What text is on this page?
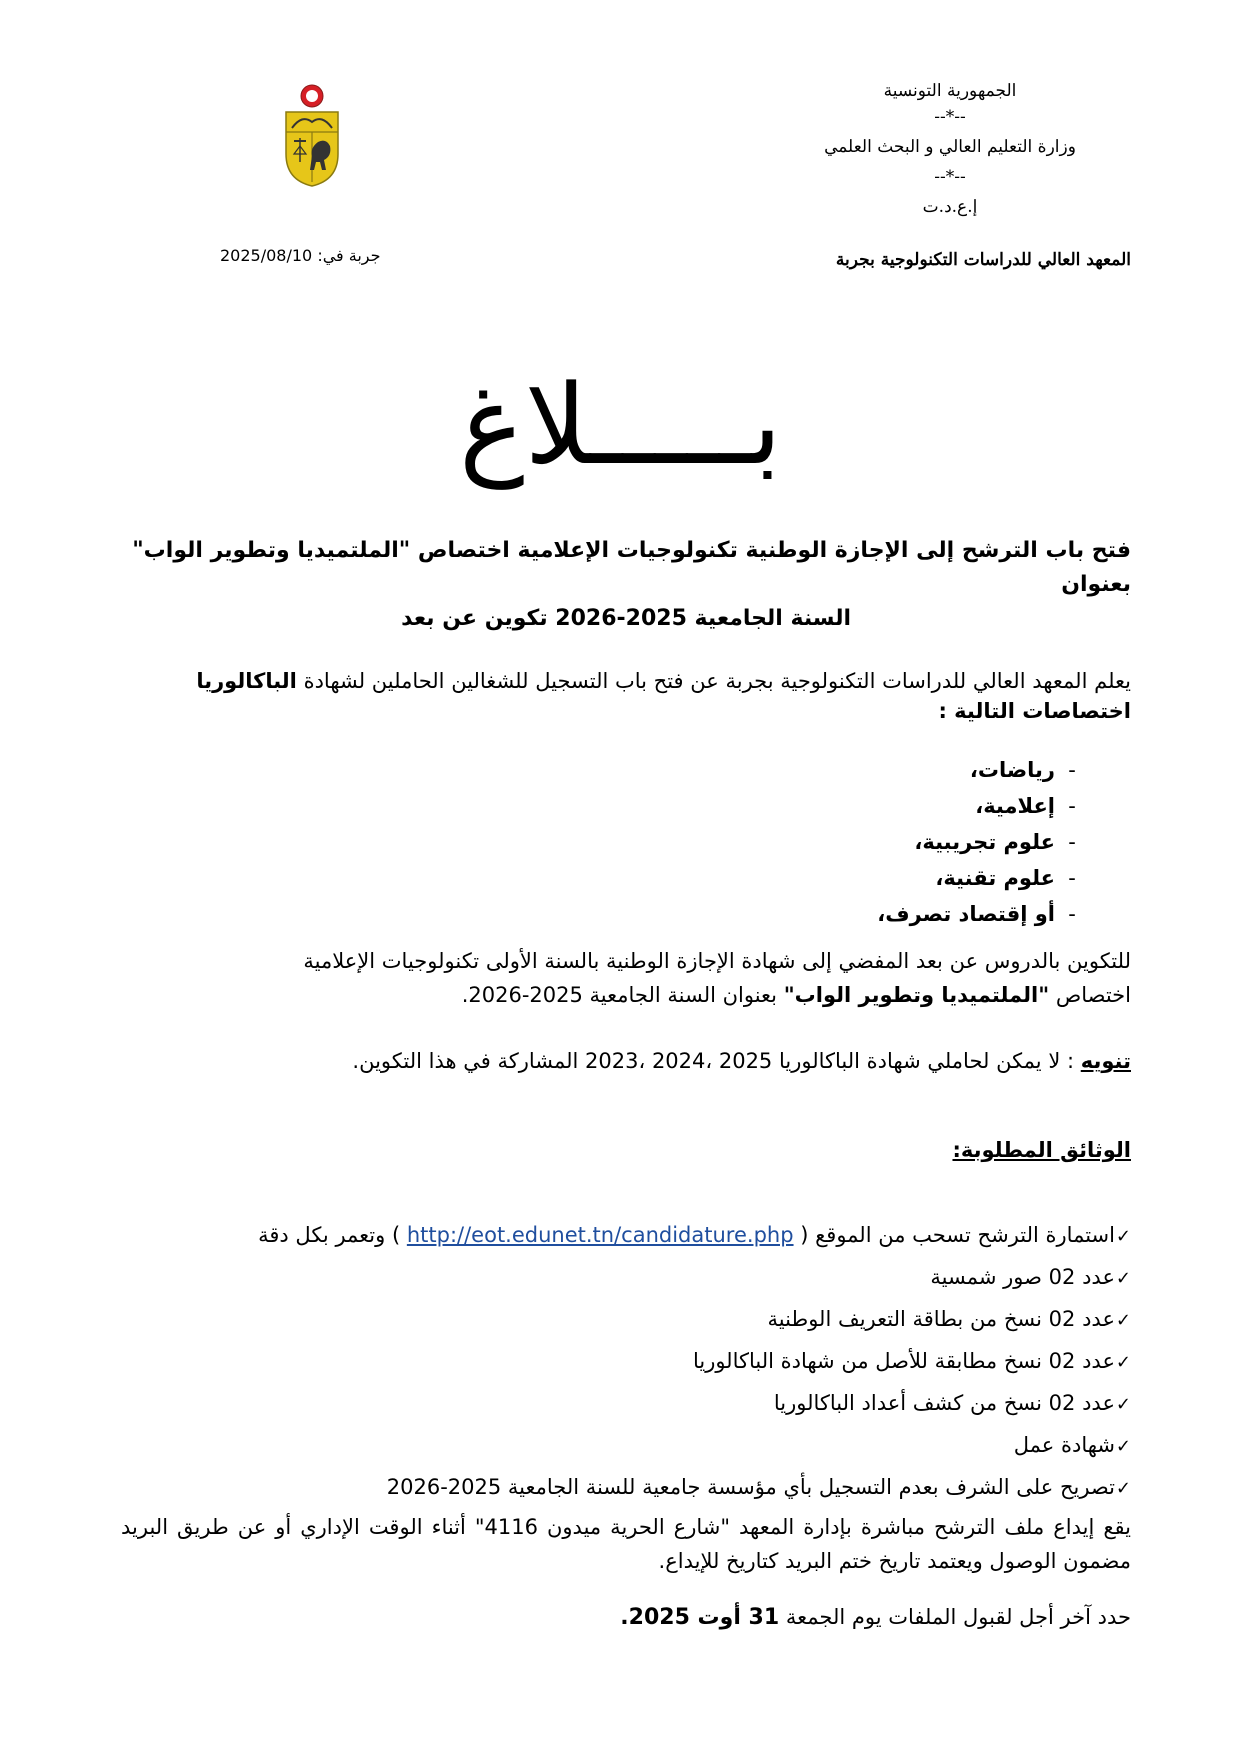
الجمهورية التونسية
--*--
وزارة التعليم العالي و البحث العلمي
--*--
إ.ع.د.ت
المعهد العالي للدراسات التكنولوجية بجربة
جربة في: 2025/08/10
بـــــلاغ
فتح باب الترشح إلى الإجازة الوطنية تكنولوجيات الإعلامية اختصاص "الملتميديا وتطوير الواب" بعنوان
السنة الجامعية 2025-2026 تكوين عن بعد
يعلم المعهد العالي للدراسات التكنولوجية بجربة عن فتح باب التسجيل للشغالين الحاملين لشهادة الباكالوريا
اختصاصات التالية :
- رياضات،
- إعلامية،
- علوم تجريبية،
- علوم تقنية،
- أو إقتصاد تصرف،
للتكوين بالدروس عن بعد المفضي إلى شهادة الإجازة الوطنية بالسنة الأولى تكنولوجيات الإعلامية
اختصاص "الملتميديا وتطوير الواب" بعنوان السنة الجامعية 2025-2026.
تنويه : لا يمكن لحاملي شهادة الباكالوريا 2025 ،2024 ،2023 المشاركة في هذا التكوين.
الوثائق المطلوبة:
✓استمارة الترشح تسحب من الموقع ( http://eot.edunet.tn/candidature.php ) وتعمر بكل دقة
✓عدد 02 صور شمسية
✓عدد 02 نسخ من بطاقة التعريف الوطنية
✓عدد 02 نسخ مطابقة للأصل من شهادة الباكالوريا
✓عدد 02 نسخ من كشف أعداد الباكالوريا
✓شهادة عمل
✓تصريح على الشرف بعدم التسجيل بأي مؤسسة جامعية للسنة الجامعية 2025-2026
يقع إيداع ملف الترشح مباشرة بإدارة المعهد "شارع الحرية ميدون 4116" أثناء الوقت الإداري أو عن طريق البريد مضمون الوصول ويعتمد تاريخ ختم البريد كتاريخ للإيداع.
حدد آخر أجل لقبول الملفات يوم الجمعة 31 أوت 2025.
